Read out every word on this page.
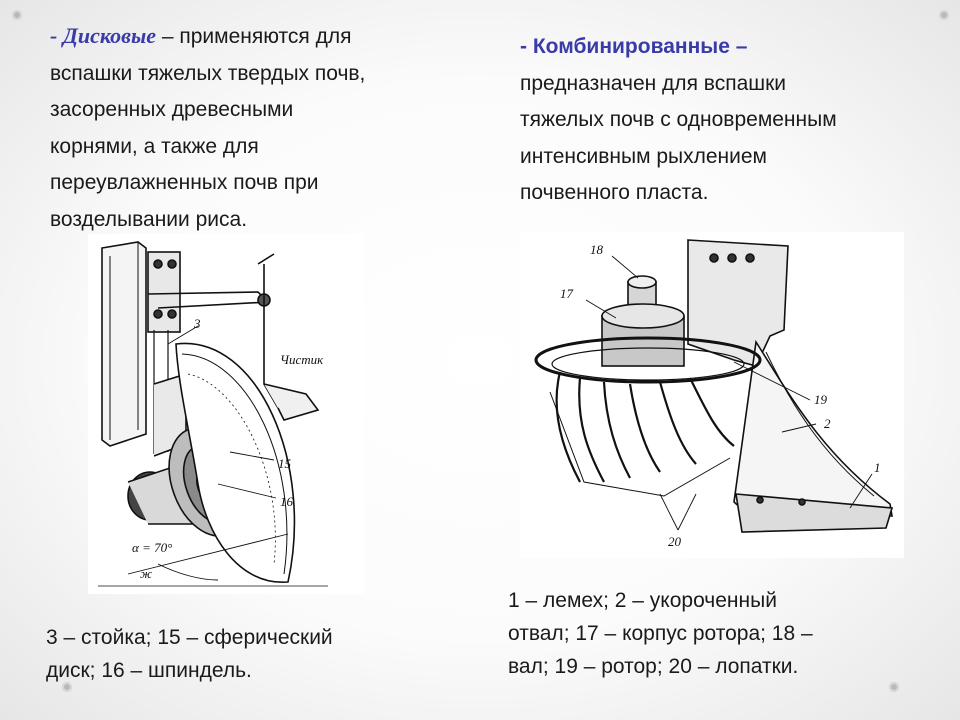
- Дисковые – применяются для
вспашки тяжелых твердых почв,
засоренных древесными
корнями, а также для
переувлажненных почв при
возделывании риса.
- Комбинированные –
предназначен для вспашки
тяжелых почв с одновременным
интенсивным рыхлением
почвенного пласта.
3
Чистик
15
16
α = 70°
ж
18
17
19
2
1
20
3 – стойка; 15 – сферический
диск; 16 – шпиндель.
1 – лемех; 2 – укороченный
отвал; 17 – корпус ротора; 18 –
вал; 19 – ротор; 20 – лопатки.
